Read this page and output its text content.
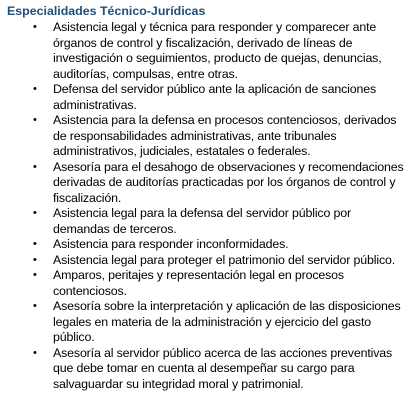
Especialidades Técnico-Jurídicas
• Asistencia legal y técnica para responder y comparecer ante órganos de control y fiscalización, derivado de líneas de investigación o seguimientos, producto de quejas, denuncias, auditorías, compulsas, entre otras.
• Defensa del servidor público ante la aplicación de sanciones administrativas.
• Asistencia para la defensa en procesos contenciosos, derivados de responsabilidades administrativas, ante tribunales administrativos, judiciales, estatales o federales.
• Asesoría para el desahogo de observaciones y recomendaciones derivadas de auditorías practicadas por los órganos de control y fiscalización.
• Asistencia legal para la defensa del servidor público por demandas de terceros.
• Asistencia para responder inconformidades.
• Asistencia legal para proteger el patrimonio del servidor público.
• Amparos, peritajes y representación legal en procesos contenciosos.
• Asesoría sobre la interpretación y aplicación de las disposiciones legales en materia de la administración y ejercicio del gasto público.
• Asesoría al servidor público acerca de las acciones preventivas que debe tomar en cuenta al desempeñar su cargo para salvaguardar su integridad moral y patrimonial.
